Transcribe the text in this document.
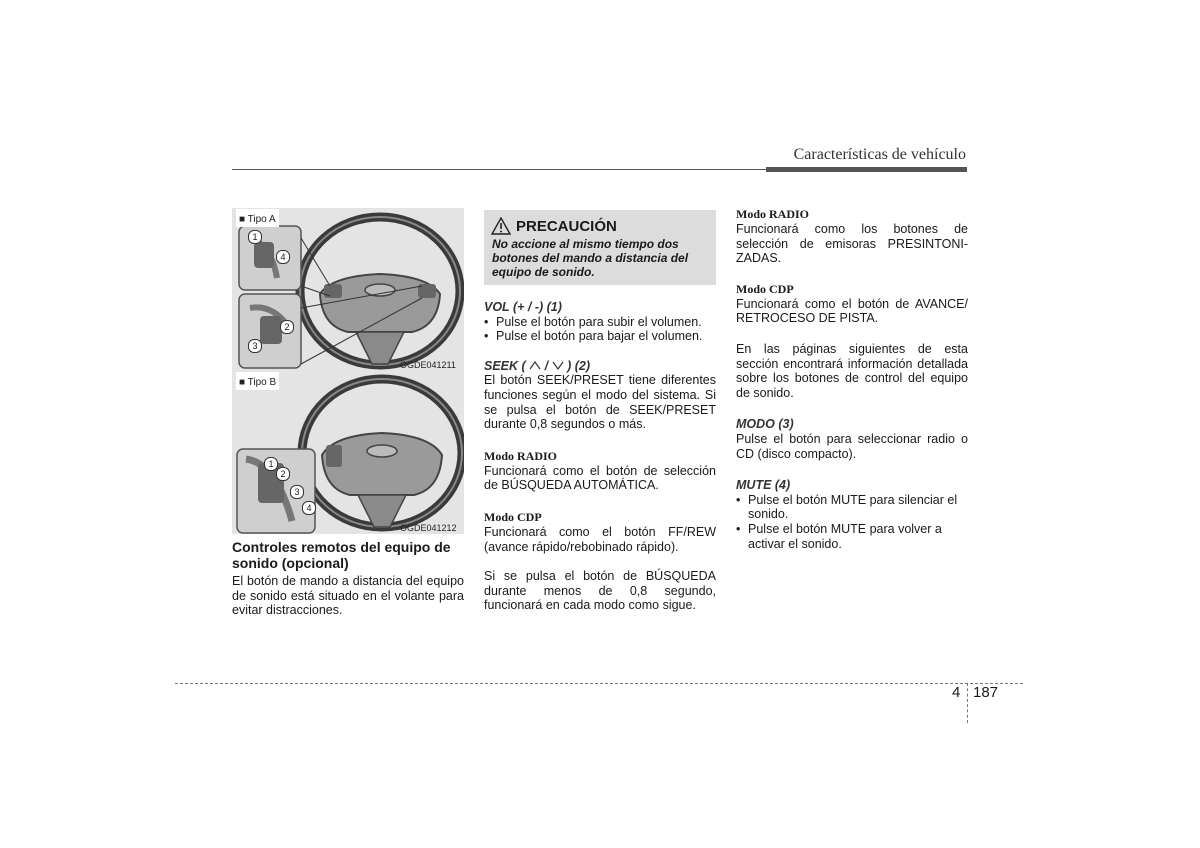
Características de vehículo
■ Tipo A
1
4
2
3
OGDE041211
■ Tipo B
1
2
3
4
OGDE041212

Controles remotos del equipo de sonido (opcional)

El botón de mando a distancia del equipo de sonido está situado en el volante para evitar distracciones.

PRECAUCIÓN
No accione al mismo tiempo dos botones del mando a distancia del equipo de sonido.

VOL (+ / -) (1)

• Pulse el botón para subir el volumen.
• Pulse el botón para bajar el volumen.

SEEK ( / ) (2)

El botón SEEK/PRESET tiene diferentes funciones según el modo del sistema. Si se pulsa el botón de SEEK/PRESET durante 0,8 segundos o más.

Modo RADIO

Funcionará como el botón de selección de BÚSQUEDA AUTOMÁTICA.

Modo CDP

Funcionará como el botón FF/REW (avance rápido/rebobinado rápido).

Si se pulsa el botón de BÚSQUEDA durante menos de 0,8 segundo, funcionará en cada modo como sigue.

Modo RADIO

Funcionará como los botones de selección de emisoras PRESINTONI-ZADAS.

Modo CDP

Funcionará como el botón de AVANCE/ RETROCESO DE PISTA.

En las páginas siguientes de esta sección encontrará información detallada sobre los botones de control del equipo de sonido.

MODO (3)

Pulse el botón para seleccionar radio o CD (disco compacto).

MUTE (4)

• Pulse el botón MUTE para silenciar el sonido.
• Pulse el botón MUTE para volver a activar el sonido.
4 187
